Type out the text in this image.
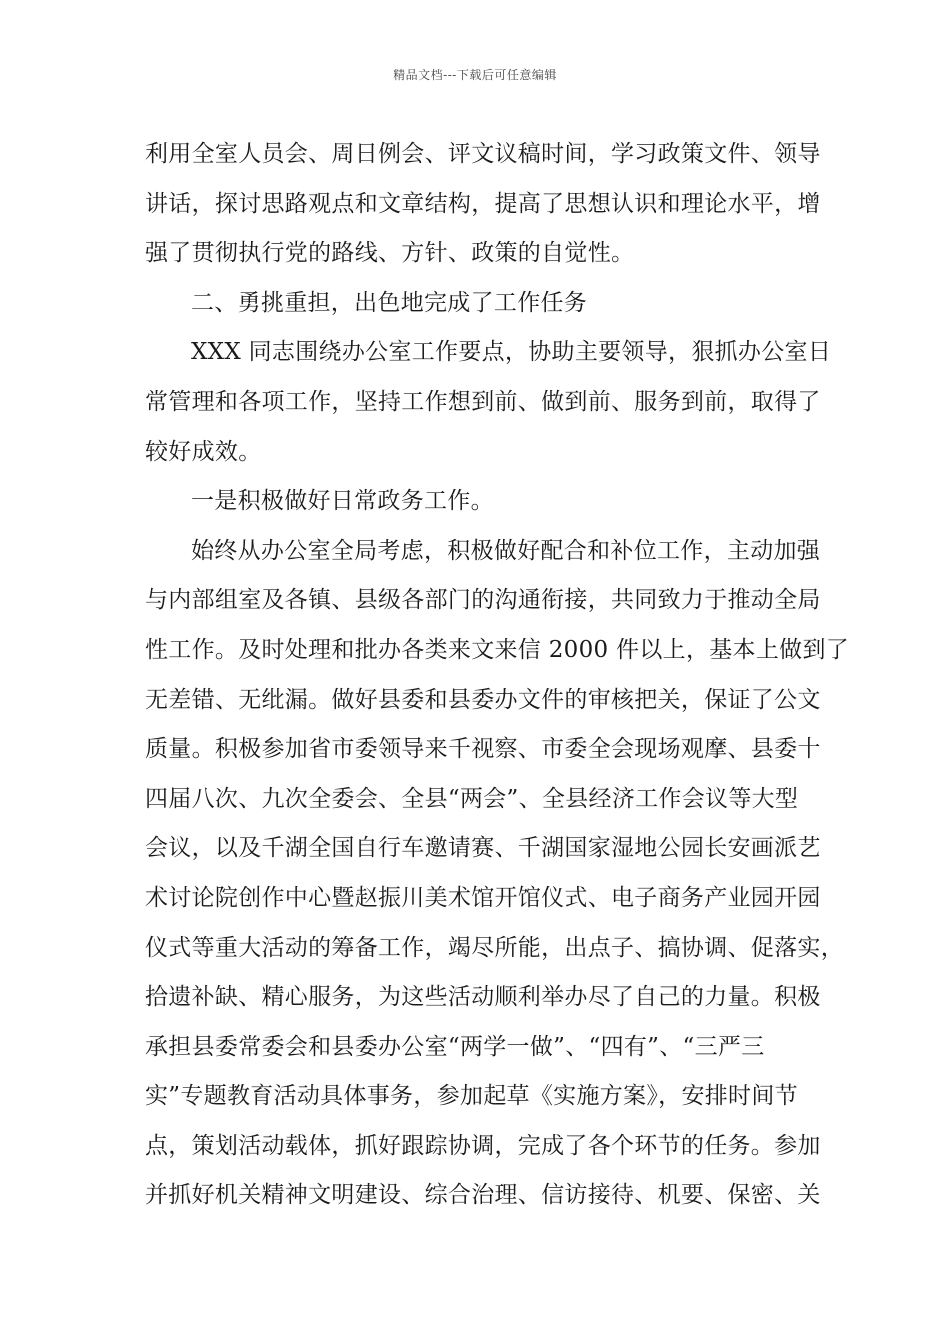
精品文档---下载后可任意编辑
利用全室人员会、周日例会、评文议稿时间，学习政策文件、领导
讲话，探讨思路观点和文章结构，提高了思想认识和理论水平，增
强了贯彻执行党的路线、方针、政策的自觉性。
二、勇挑重担，出色地完成了工作任务
XXX 同志围绕办公室工作要点，协助主要领导，狠抓办公室日
常管理和各项工作，坚持工作想到前、做到前、服务到前，取得了
较好成效。
一是积极做好日常政务工作。
始终从办公室全局考虑，积极做好配合和补位工作，主动加强
与内部组室及各镇、县级各部门的沟通衔接，共同致力于推动全局
性工作。及时处理和批办各类来文来信 2000 件以上，基本上做到了
无差错、无纰漏。做好县委和县委办文件的审核把关，保证了公文
质量。积极参加省市委领导来千视察、市委全会现场观摩、县委十
四届八次、九次全委会、全县“两会”、全县经济工作会议等大型
会议，以及千湖全国自行车邀请赛、千湖国家湿地公园长安画派艺
术讨论院创作中心暨赵振川美术馆开馆仪式、电子商务产业园开园
仪式等重大活动的筹备工作，竭尽所能，出点子、搞协调、促落实，
拾遗补缺、精心服务，为这些活动顺利举办尽了自己的力量。积极
承担县委常委会和县委办公室“两学一做”、“四有”、“三严三
实”专题教育活动具体事务，参加起草《实施方案》，安排时间节
点，策划活动载体，抓好跟踪协调，完成了各个环节的任务。参加
并抓好机关精神文明建设、综合治理、信访接待、机要、保密、关
